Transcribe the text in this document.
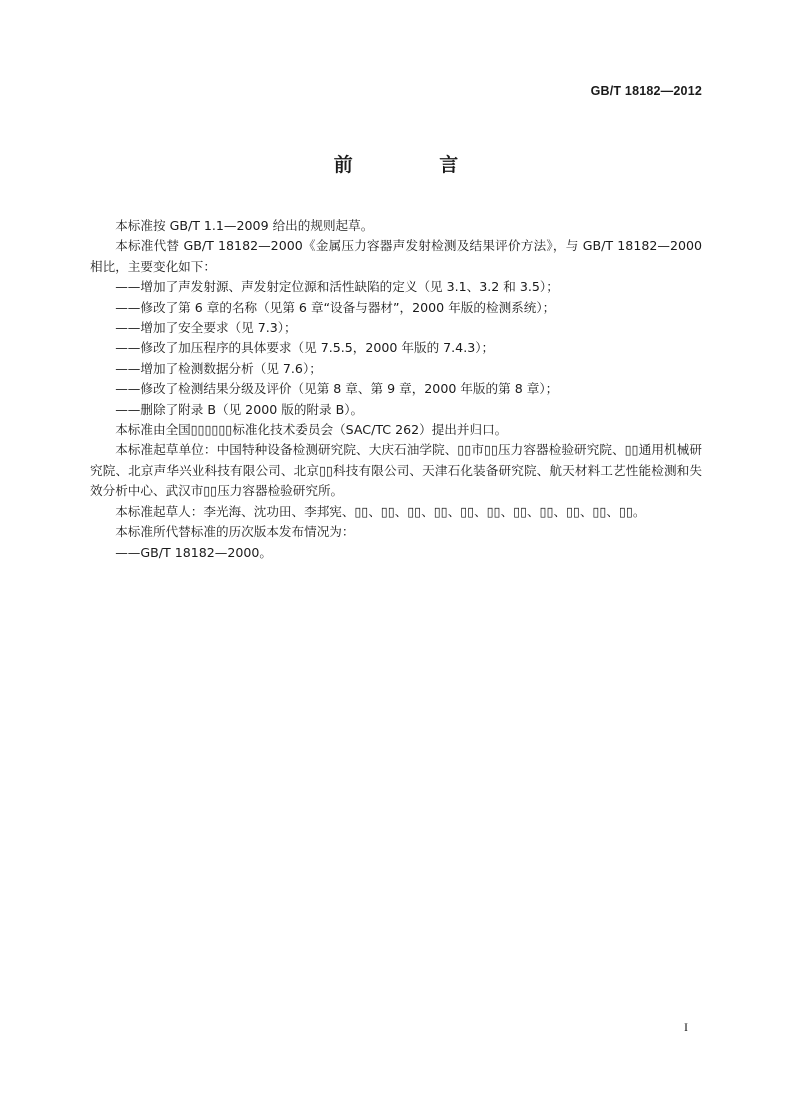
GB/T 18182—2012
前 言

本标准按 GB/T 1.1—2009 给出的规则起草。

本标准代替 GB/T 18182—2000《金属压力容器声发射检测及结果评价方法》，与 GB/T 18182—2000 相比，主要变化如下：

——增加了声发射源、声发射定位源和活性缺陷的定义（见 3.1、3.2 和 3.5）；

——修改了第 6 章的名称（见第 6 章“设备与器材”，2000 年版的检测系统）；

——增加了安全要求（见 7.3）；

——修改了加压程序的具体要求（见 7.5.5，2000 年版的 7.4.3）；

——增加了检测数据分析（见 7.6）；

——修改了检测结果分级及评价（见第 8 章、第 9 章，2000 年版的第 8 章）；

——删除了附录 B（见 2000 版的附录 B）。

本标准由全国▯▯▯▯▯▯标准化技术委员会（SAC/TC 262）提出并归口。

本标准起草单位：中国特种设备检测研究院、大庆石油学院、▯▯市▯▯压力容器检验研究院、▯▯通用机械研究院、北京声华兴业科技有限公司、北京▯▯科技有限公司、天津石化装备研究院、航天材料工艺性能检测和失效分析中心、武汉市▯▯压力容器检验研究所。

本标准起草人：李光海、沈功田、李邦宪、▯▯、▯▯、▯▯、▯▯、▯▯、▯▯、▯▯、▯▯、▯▯、▯▯、▯▯。

本标准所代替标准的历次版本发布情况为：

——GB/T 18182—2000。

I
